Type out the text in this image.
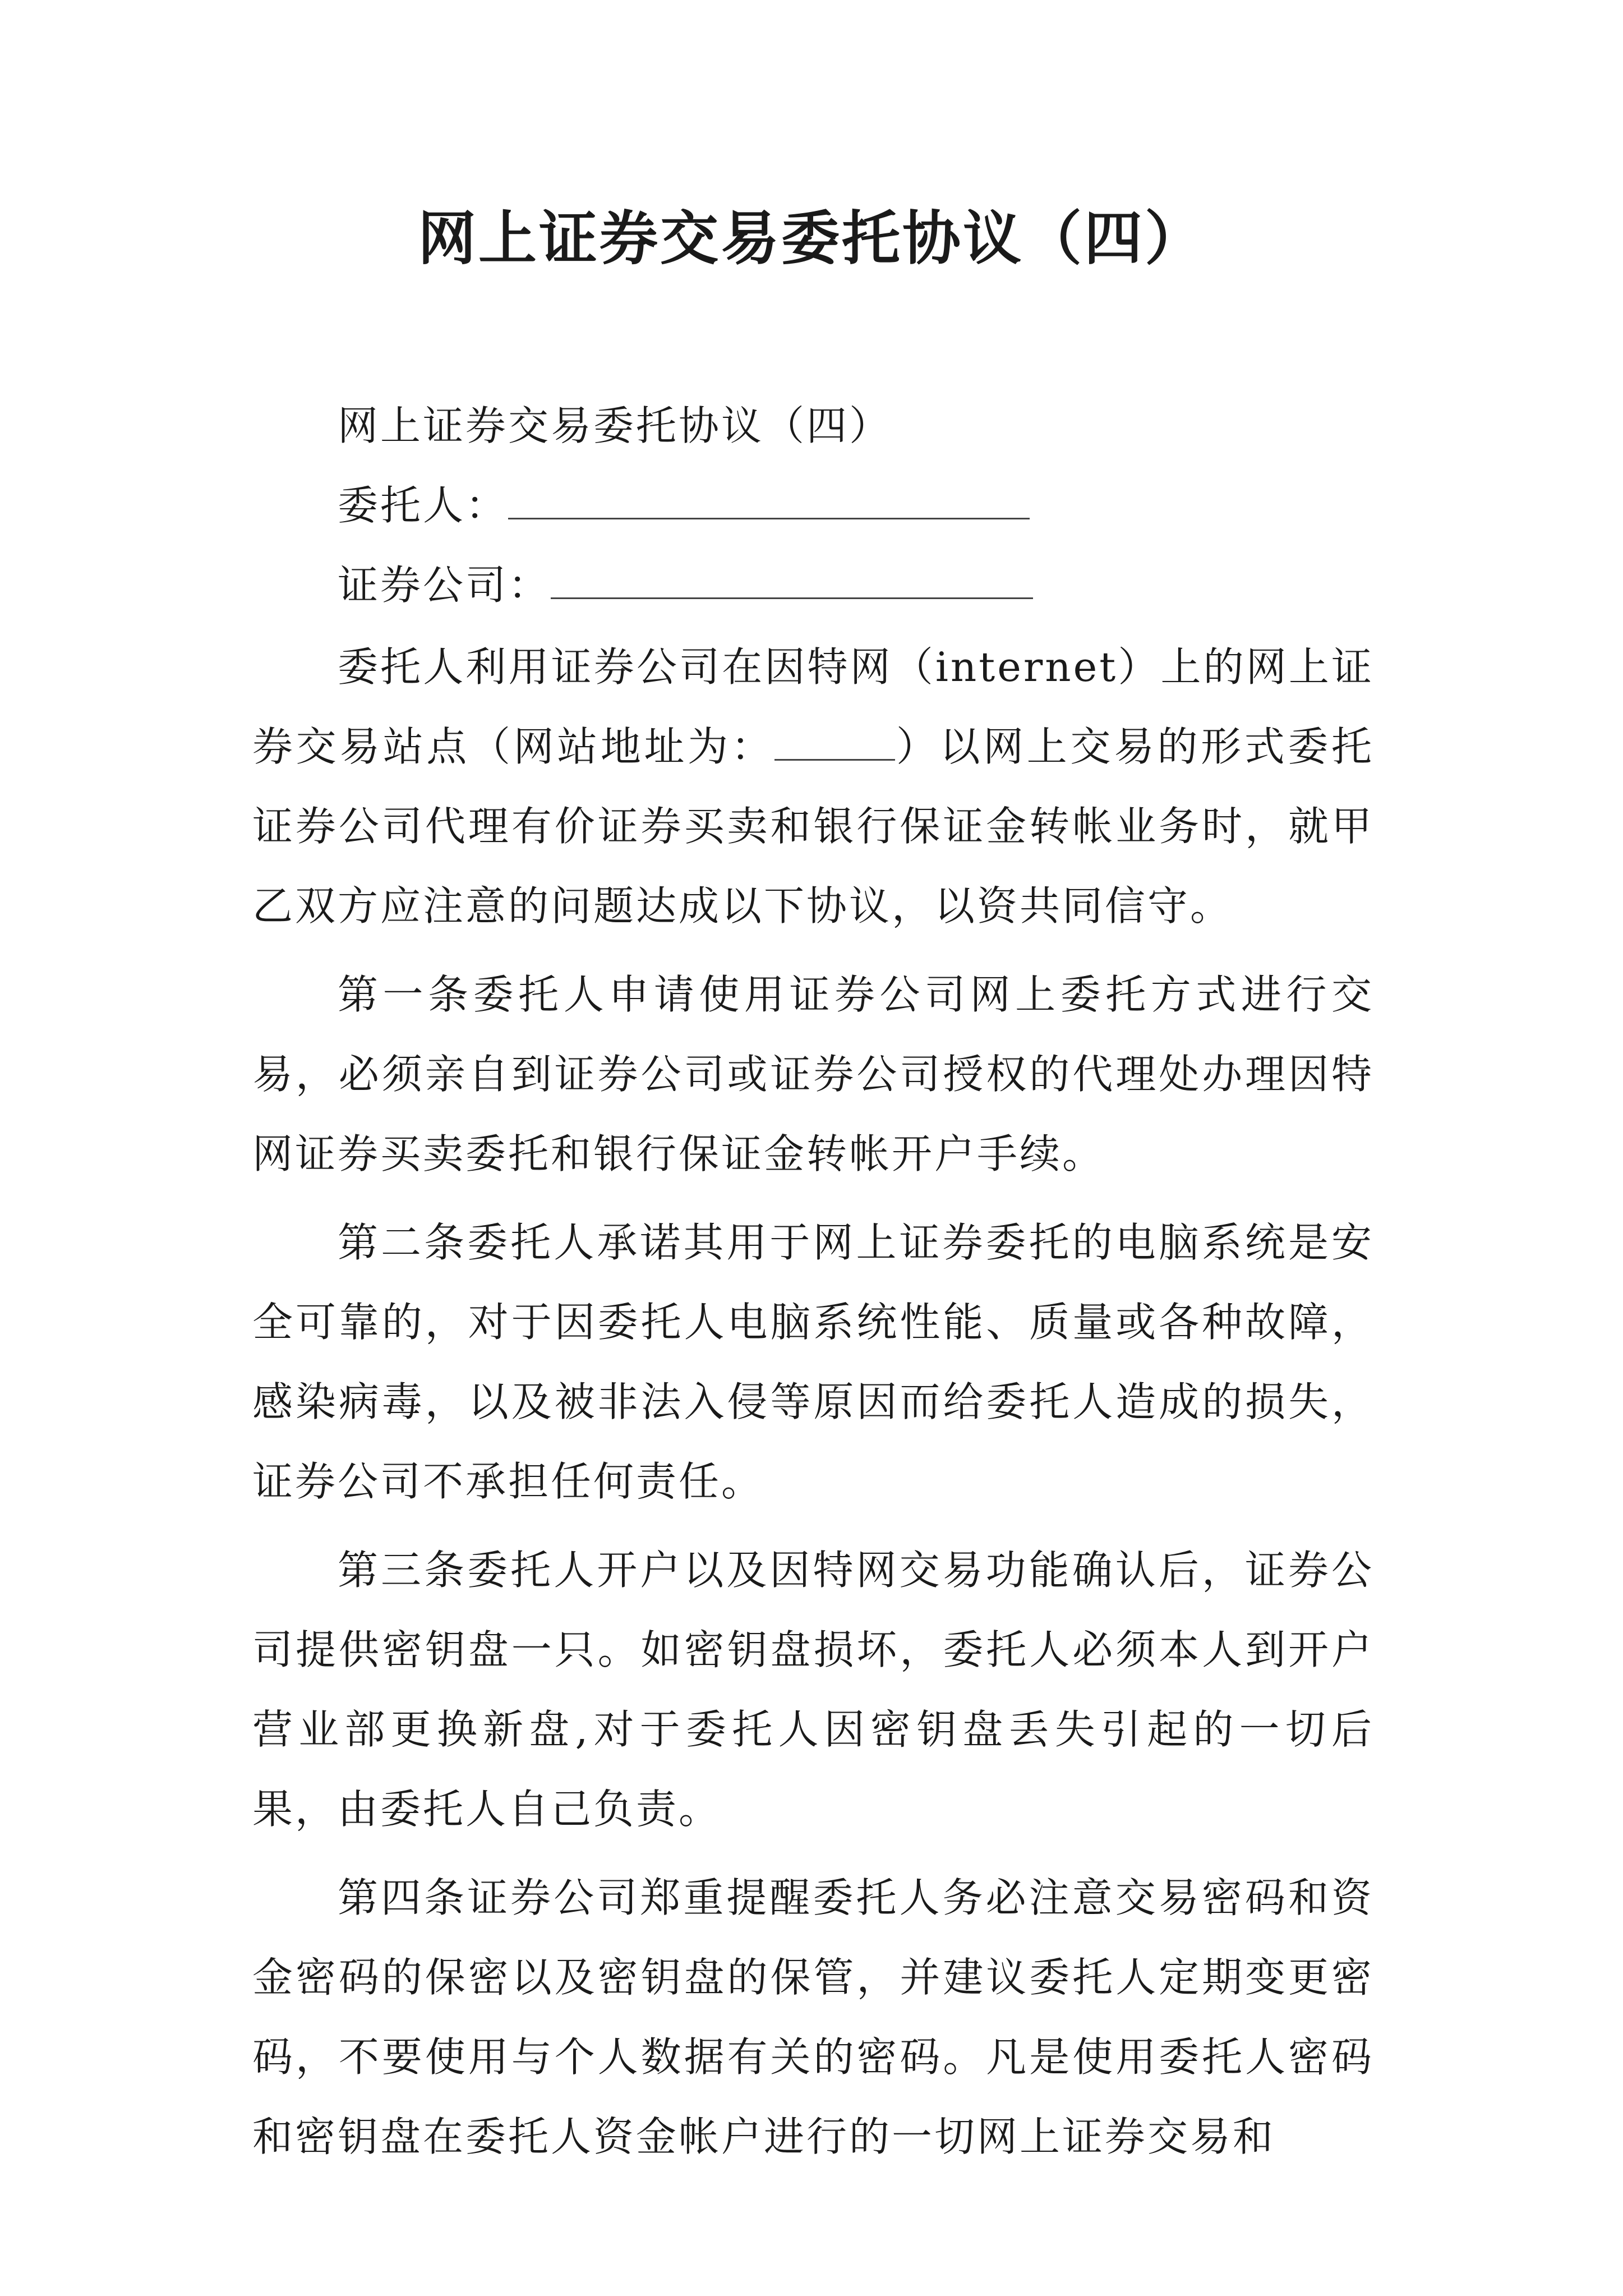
网上证券交易委托协议（四）

网上证券交易委托协议（四）

委托人：

证券公司：

委托人利用证券公司在因特网（internet）上的网上证券交易站点（网站地址为：	）以网上交易的形式委托证券公司代理有价证券买卖和银行保证金转帐业务时，就甲乙双方应注意的问题达成以下协议，以资共同信守。

第一条委托人申请使用证券公司网上委托方式进行交易，必须亲自到证券公司或证券公司授权的代理处办理因特网证券买卖委托和银行保证金转帐开户手续。

第二条委托人承诺其用于网上证券委托的电脑系统是安全可靠的，对于因委托人电脑系统性能、质量或各种故障，感染病毒，以及被非法入侵等原因而给委托人造成的损失，证券公司不承担任何责任。

第三条委托人开户以及因特网交易功能确认后，证券公司提供密钥盘一只。如密钥盘损坏，委托人必须本人到开户营业部更换新盘,对于委托人因密钥盘丢失引起的一切后果，由委托人自己负责。

第四条证券公司郑重提醒委托人务必注意交易密码和资金密码的保密以及密钥盘的保管，并建议委托人定期变更密码，不要使用与个人数据有关的密码。凡是使用委托人密码和密钥盘在委托人资金帐户进行的一切网上证券交易和
